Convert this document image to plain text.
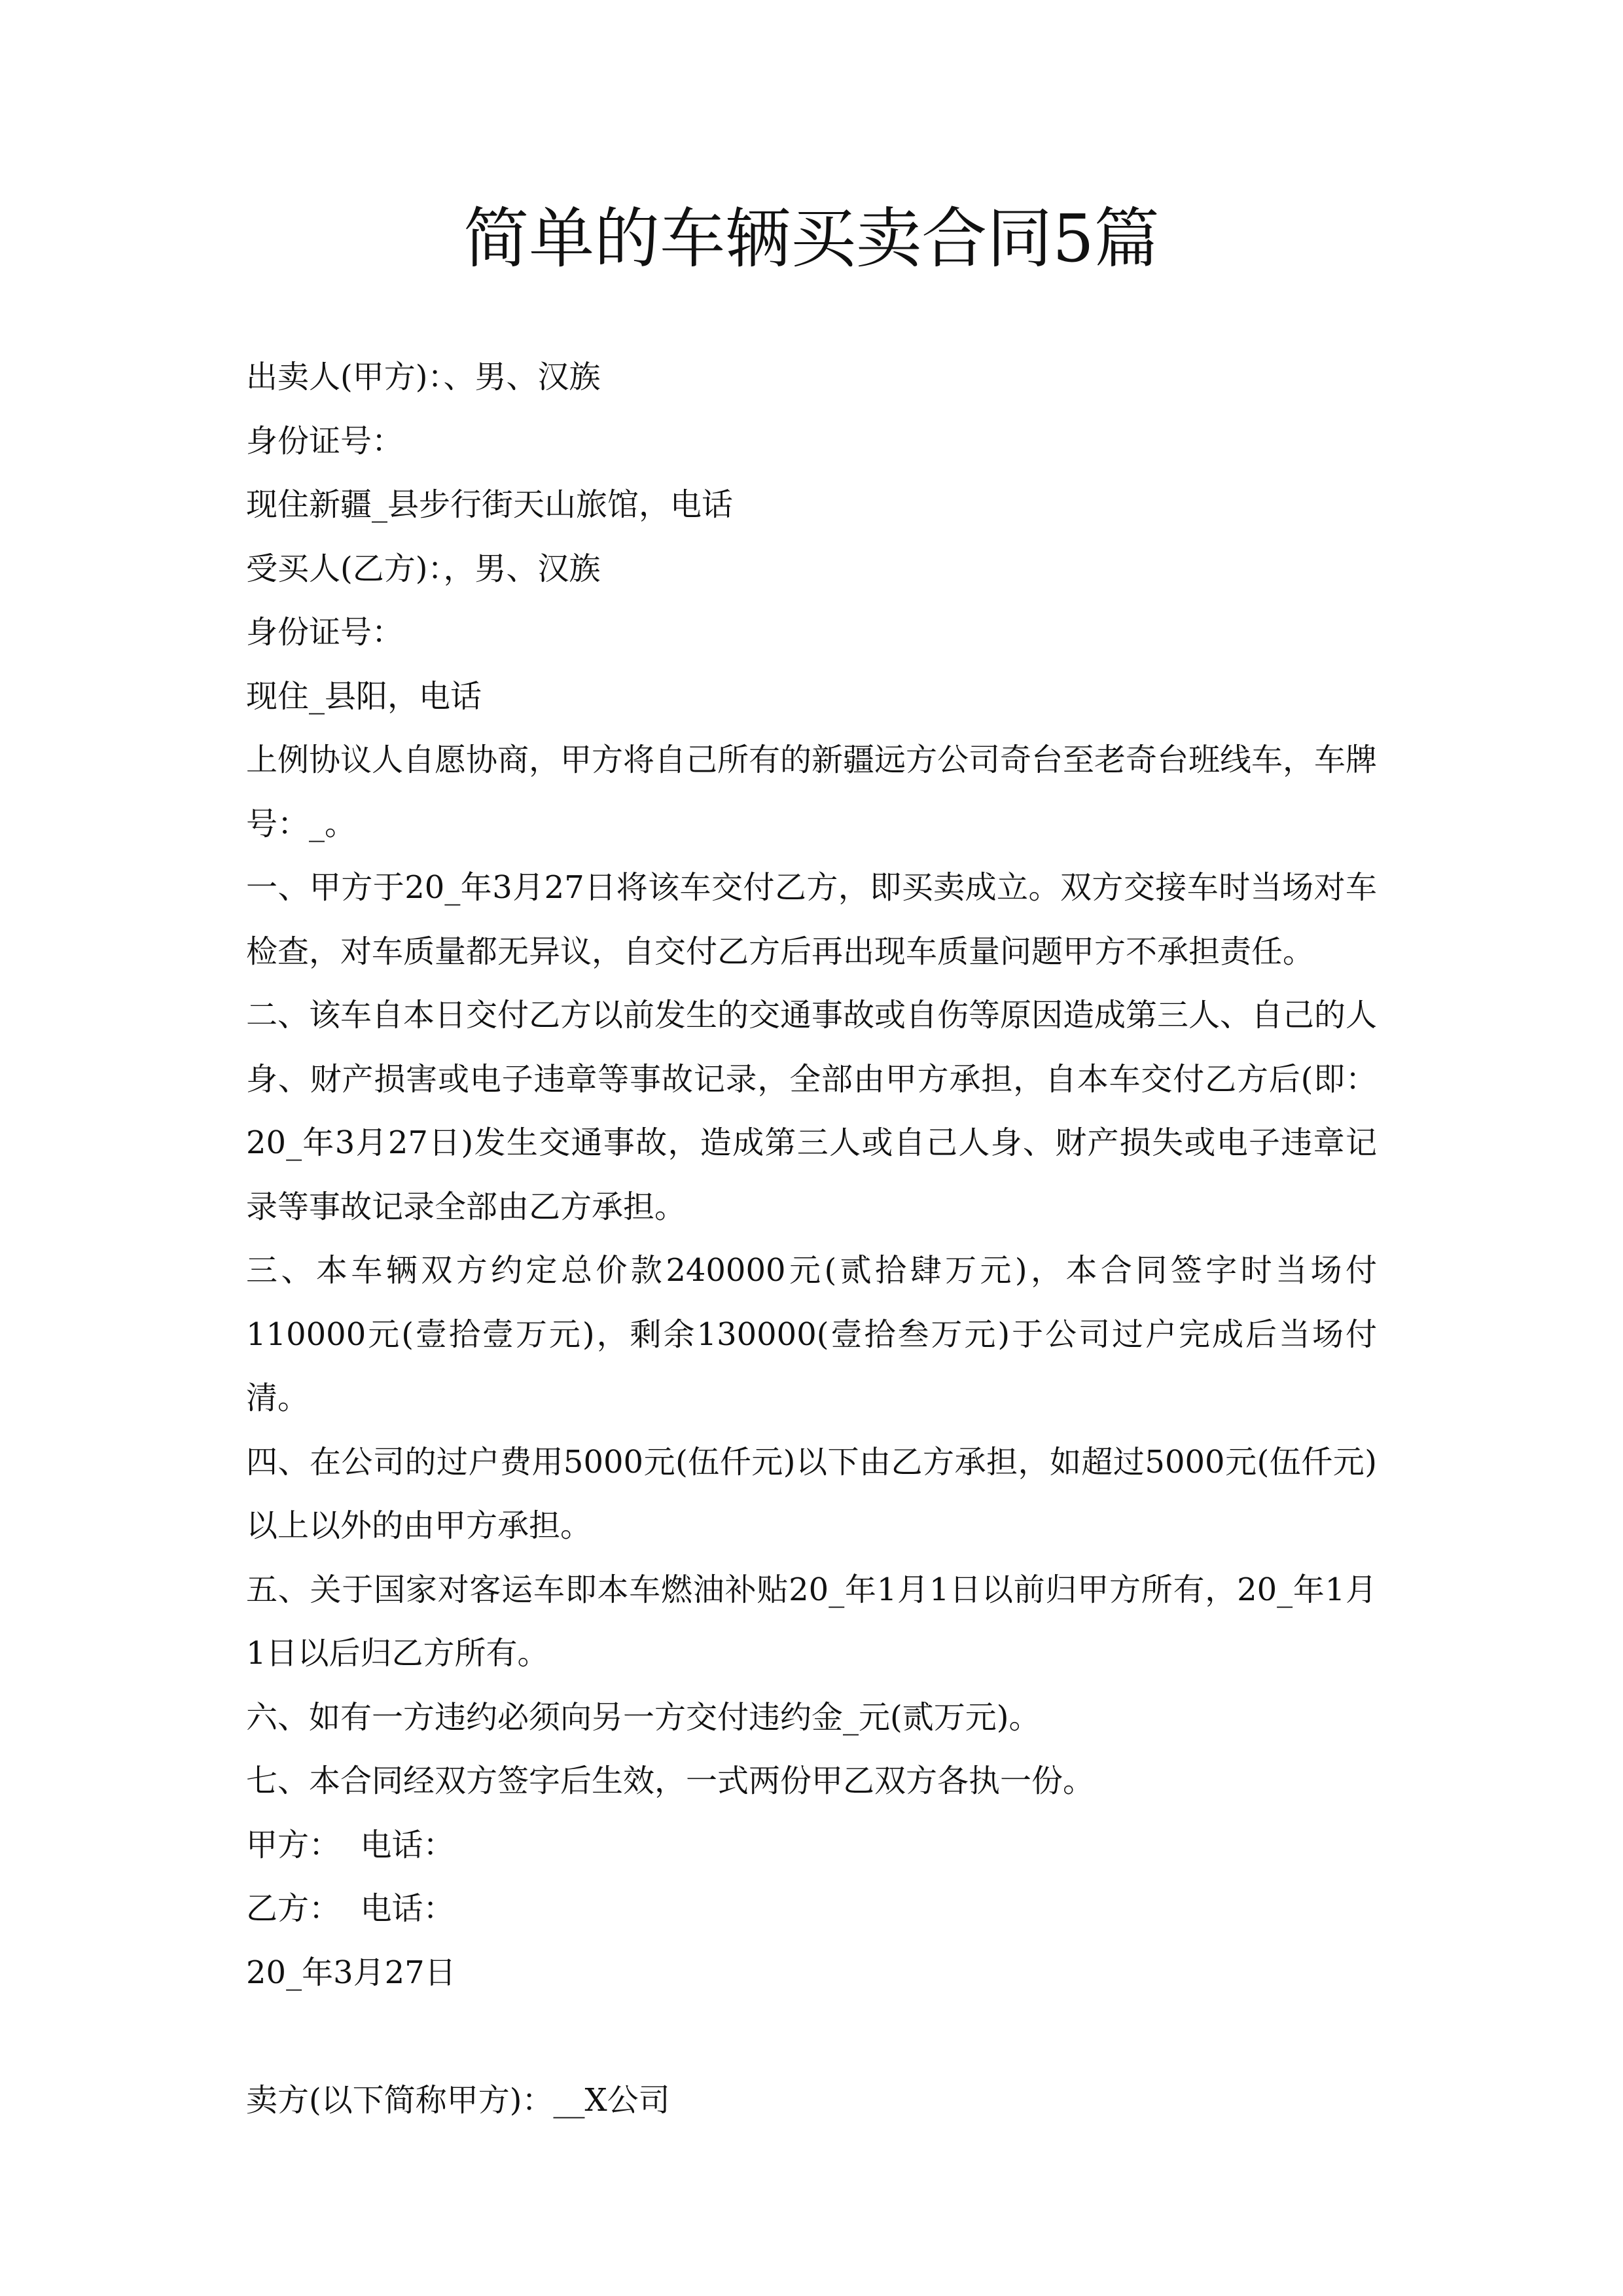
简单的车辆买卖合同5篇

出卖人(甲方)：、男、汉族

身份证号：

现住新疆_县步行街天山旅馆，电话

受买人(乙方)：，男、汉族

身份证号：

现住_县阳，电话

上例协议人自愿协商，甲方将自己所有的新疆远方公司奇台至老奇台班线车，车牌号：_。

一、甲方于20_年3月27日将该车交付乙方，即买卖成立。双方交接车时当场对车检查，对车质量都无异议，自交付乙方后再出现车质量问题甲方不承担责任。

二、该车自本日交付乙方以前发生的交通事故或自伤等原因造成第三人、自己的人身、财产损害或电子违章等事故记录，全部由甲方承担，自本车交付乙方后(即：20_年3月27日)发生交通事故，造成第三人或自己人身、财产损失或电子违章记录等事故记录全部由乙方承担。

三、本车辆双方约定总价款240000元(贰拾肆万元)，本合同签字时当场付110000元(壹拾壹万元)，剩余130000(壹拾叁万元)于公司过户完成后当场付清。

四、在公司的过户费用5000元(伍仟元)以下由乙方承担，如超过5000元(伍仟元)以上以外的由甲方承担。

五、关于国家对客运车即本车燃油补贴20_年1月1日以前归甲方所有，20_年1月1日以后归乙方所有。

六、如有一方违约必须向另一方交付违约金_元(贰万元)。

七、本合同经双方签字后生效，一式两份甲乙双方各执一份。

甲方：  电话：

乙方：  电话：

20_年3月27日

卖方(以下简称甲方)：__X公司
